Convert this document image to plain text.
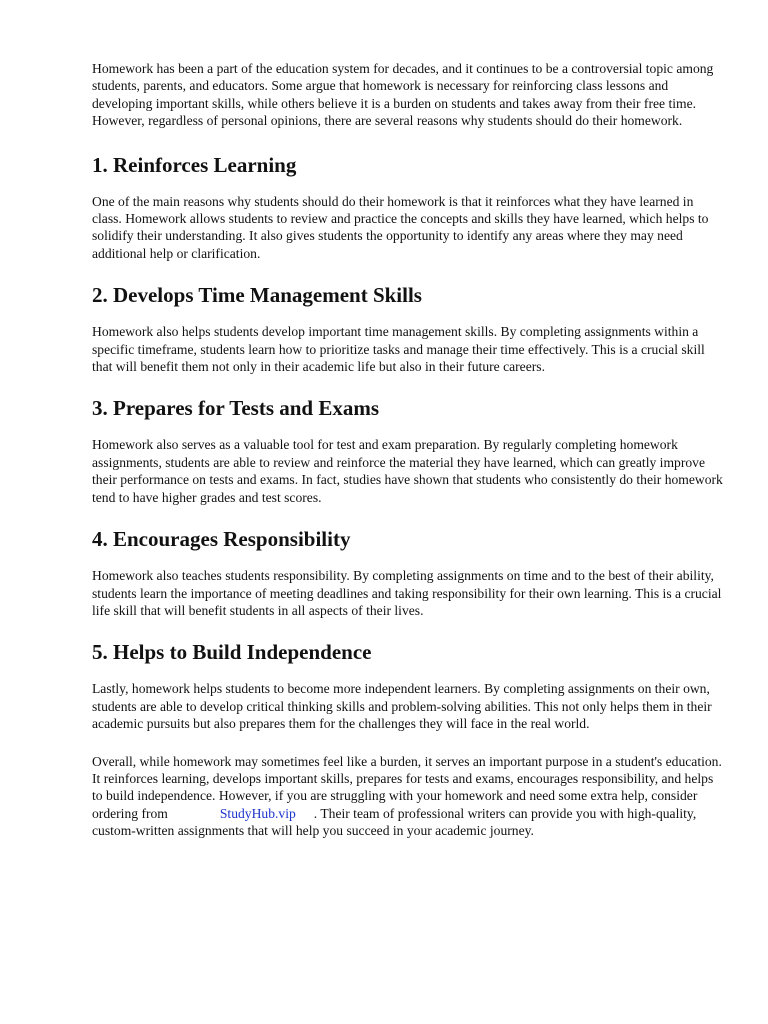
Homework has been a part of the education system for decades, and it continues to be a controversial topic among students, parents, and educators. Some argue that homework is necessary for reinforcing class lessons and developing important skills, while others believe it is a burden on students and takes away from their free time. However, regardless of personal opinions, there are several reasons why students should do their homework.

1. Reinforces Learning

One of the main reasons why students should do their homework is that it reinforces what they have learned in class. Homework allows students to review and practice the concepts and skills they have learned, which helps to solidify their understanding. It also gives students the opportunity to identify any areas where they may need additional help or clarification.

2. Develops Time Management Skills

Homework also helps students develop important time management skills. By completing assignments within a specific timeframe, students learn how to prioritize tasks and manage their time effectively. This is a crucial skill that will benefit them not only in their academic life but also in their future careers.

3. Prepares for Tests and Exams

Homework also serves as a valuable tool for test and exam preparation. By regularly completing homework assignments, students are able to review and reinforce the material they have learned, which can greatly improve their performance on tests and exams. In fact, studies have shown that students who consistently do their homework tend to have higher grades and test scores.

4. Encourages Responsibility

Homework also teaches students responsibility. By completing assignments on time and to the best of their ability, students learn the importance of meeting deadlines and taking responsibility for their own learning. This is a crucial life skill that will benefit students in all aspects of their lives.

5. Helps to Build Independence

Lastly, homework helps students to become more independent learners. By completing assignments on their own, students are able to develop critical thinking skills and problem-solving abilities. This not only helps them in their academic pursuits but also prepares them for the challenges they will face in the real world.

Overall, while homework may sometimes feel like a burden, it serves an important purpose in a student's education. It reinforces learning, develops important skills, prepares for tests and exams, encourages responsibility, and helps to build independence. However, if you are struggling with your homework and need some extra help, consider ordering from	StudyHub.vip . Their team of professional writers can provide you with high-quality, custom-written assignments that will help you succeed in your academic journey.
